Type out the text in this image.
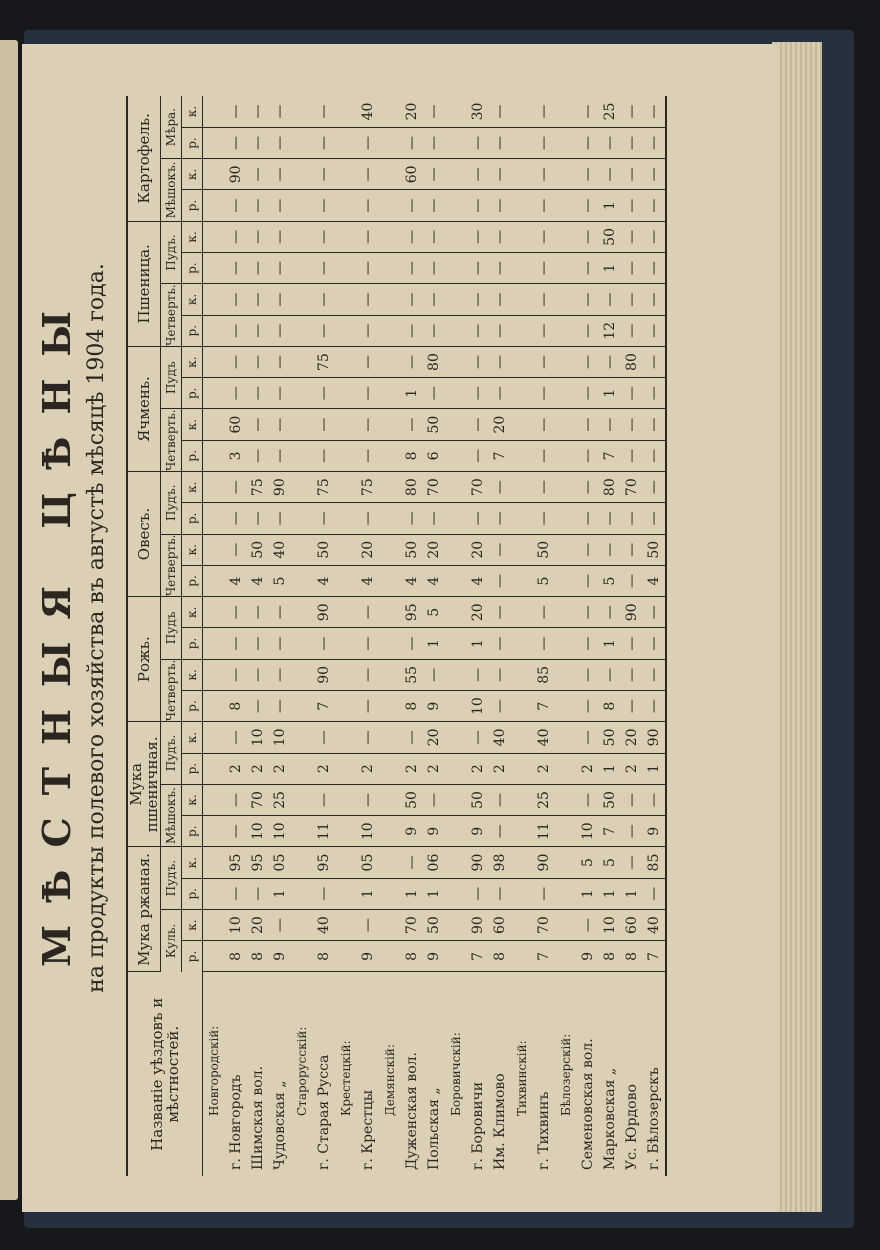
МѢСТНЫЯ ЦѢНЫ на продукты полевого хозяйства въ августѣ мѣсяцѣ 1904 года.
Названіе уѣздовъ и мѣстностей.	Мука ржаная.				Мука пшеничная.				Рожь.				Овесъ.				Ячмень.				Пшеница.				Картофель.			
	Куль.		Пудъ.		Мѣшокъ.		Пудъ.		Четверть.		Пудъ		Четверть.		Пудъ.		Четверть.		Пудъ		Четверть.		Пудъ.		Мѣшокъ.		Мѣра.	
	р.	к.	р.	к.	р.	к.	р.	к.	р.	к.	р.	к.	р.	к.	р.	к.	р.	к.	р.	к.	р.	к.	р.	к.	р.	к.	р.	к.
Новгородскій:																												
г. Новгородъ	8	10	—	95	—	—	2	—	8	—	—	—	4	—	—	—	3	60	—	—	—	—	—	—	—	90	—	—
Шимская вол.	8	20	—	95	10	70	2	10	—	—	—	—	4	50	—	75	—	—	—	—	—	—	—	—	—	—	—	—
Чудовская „	9	—	1	05	10	25	2	10	—	—	—	—	5	40	—	90	—	—	—	—	—	—	—	—	—	—	—	—
Старорусскій:																												
г. Старая Русса	8	40	—	95	11	—	2	—	7	90	—	90	4	50	—	75	—	—	—	75	—	—	—	—	—	—	—	—
Крестецкій:																												
г. Крестцы	9	—	1	05	10	—	2	—	—	—	—	—	4	20	—	75	—	—	—	—	—	—	—	—	—	—	—	40
Демянскій:																												
Дуженская вол.	8	70	1	—	9	50	2	—	8	55	—	95	4	50	—	80	8	—	1	—	—	—	—	—	—	60	—	20
Польская „	9	50	1	06	9	—	2	20	9	—	1	5	4	20	—	70	6	50	—	80	—	—	—	—	—	—	—	—
Боровичскій:																												
г. Боровичи	7	90	—	90	9	50	2	—	10	—	1	20	4	20	—	70	—	—	—	—	—	—	—	—	—	—	—	30
Им. Климово	8	60	—	98	—	—	2	40	—	—	—	—	—	—	—	—	7	20	—	—	—	—	—	—	—	—	—	—
Тихвинскій:																												
г. Тихвинъ	7	70	—	90	11	25	2	40	7	85	—	—	5	50	—	—	—	—	—	—	—	—	—	—	—	—	—	—
Бѣлозерскій:																												
Семеновская вол.	9	—	1	5	10	—	2	—	—	—	—	—	—	—	—	—	—	—	—	—	—	—	—	—	—	—	—	—
Марковская „	8	10	1	5	7	50	1	50	8	—	1	—	5	—	—	80	7	—	1	—	12	—	1	50	1	—	—	25
Ус. Юрдово	8	60	1	—	—	—	2	20	—	—	—	90	—	—	—	70	—	—	—	80	—	—	—	—	—	—	—	—
г. Бѣлозерскъ	7	40	—	85	9	—	1	90	—	—	—	—	4	50	—	—	—	—	—	—	—	—	—	—	—	—	—	—
